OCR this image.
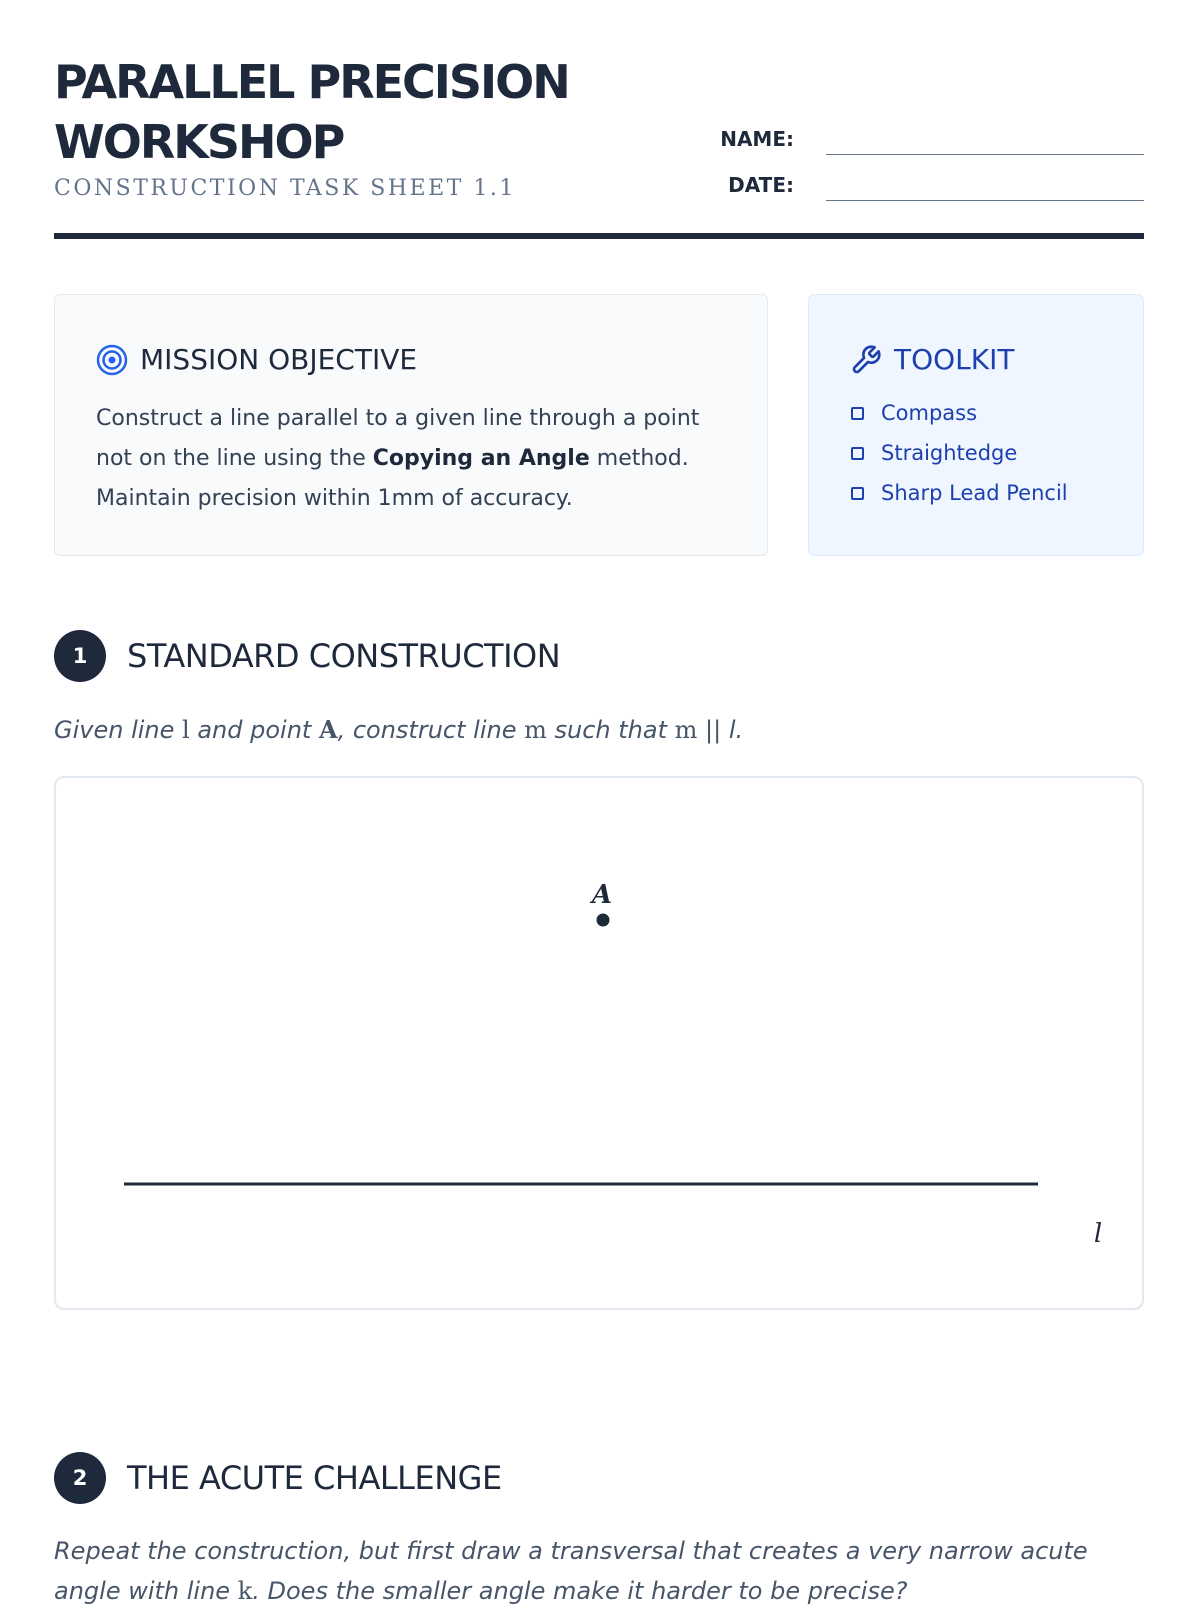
PARALLEL PRECISION WORKSHOP
CONSTRUCTION TASK SHEET 1.1
NAME:
DATE:
MISSION OBJECTIVE

Construct a line parallel to a given line through a point not on the line using the Copying an Angle method. Maintain precision within 1mm of accuracy.

TOOLKIT
Compass
Straightedge
Sharp Lead Pencil
1	STANDARD CONSTRUCTION

Given line l and point A, construct line m such that m || l.

A
l
2	THE ACUTE CHALLENGE

Repeat the construction, but first draw a transversal that creates a very narrow acute angle with line k. Does the smaller angle make it harder to be precise?
